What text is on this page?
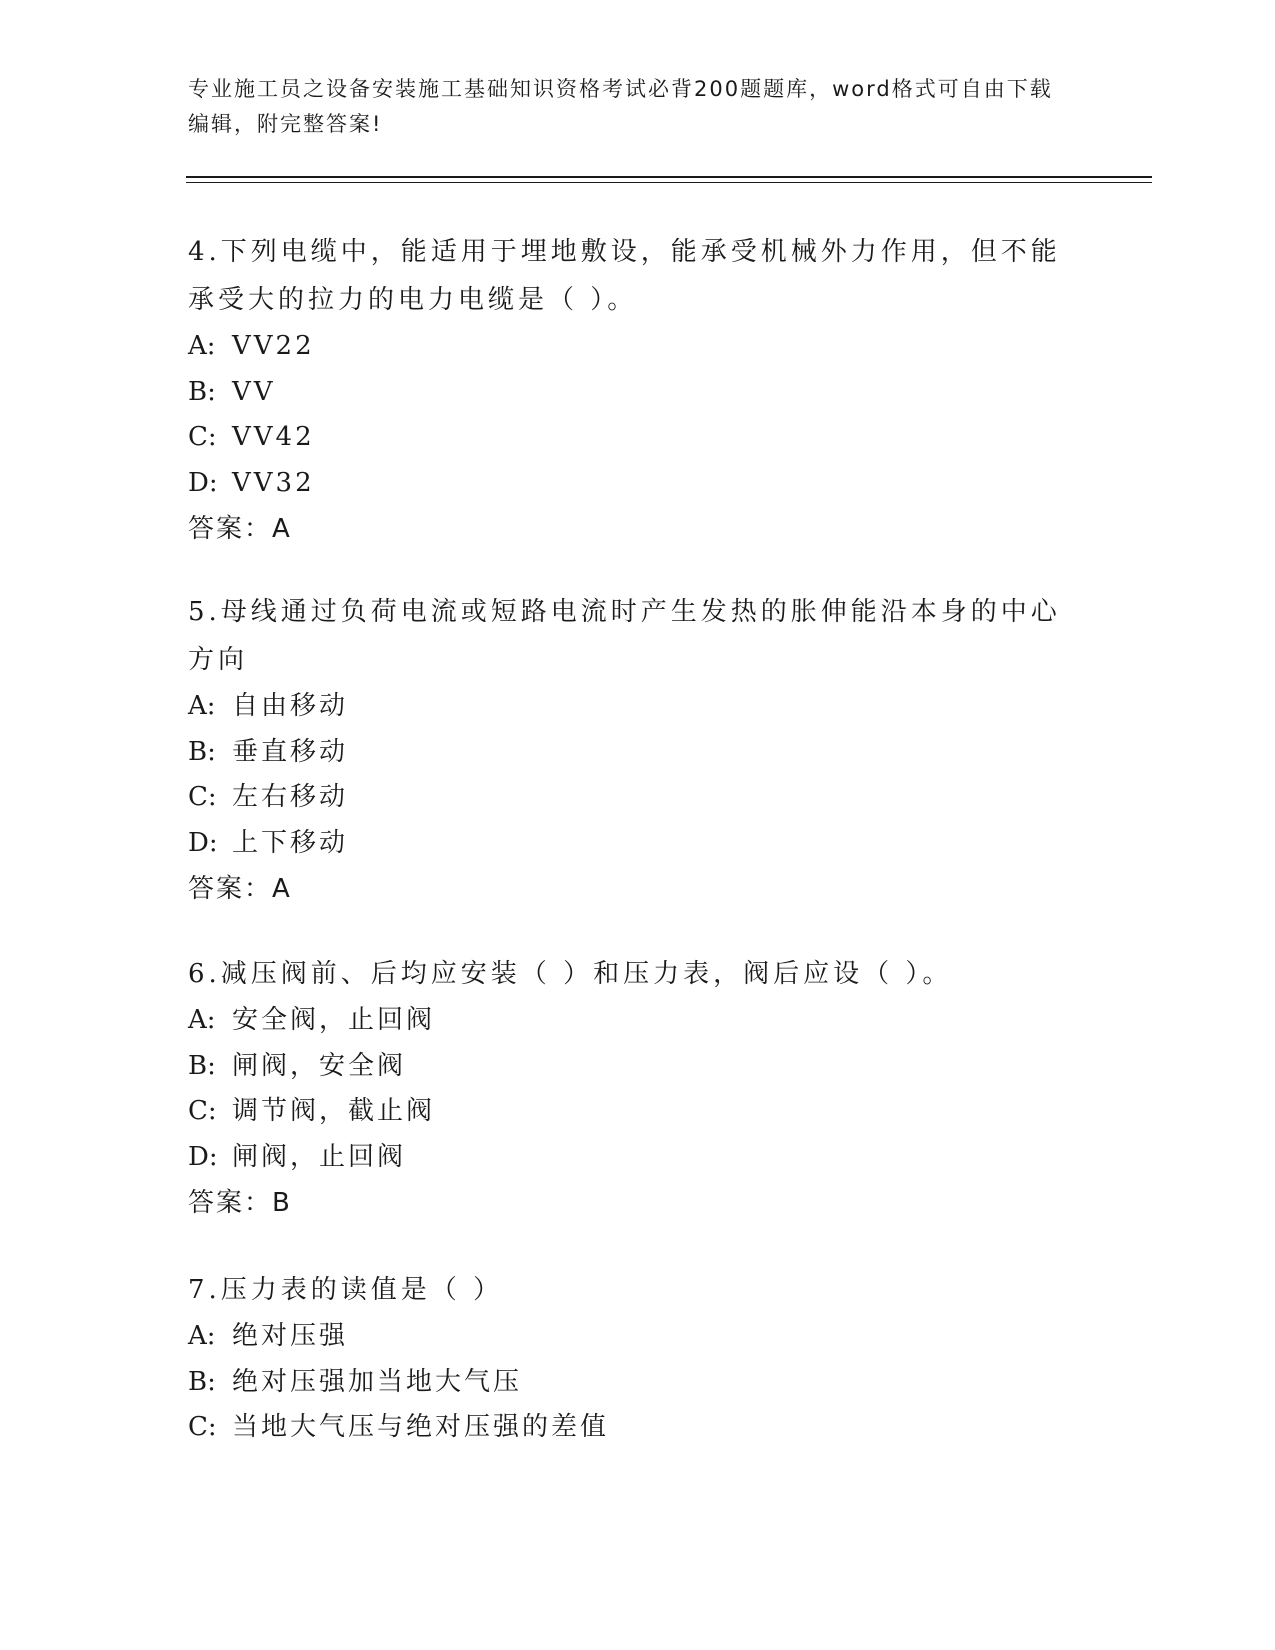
专业施工员之设备安装施工基础知识资格考试必背200题题库，word格式可自由下载编辑，附完整答案!

4.下列电缆中，能适用于埋地敷设，能承受机械外力作用，但不能承受大的拉力的电力电缆是（ ）。

A: VV22

B: VV

C: VV42

D: VV32

答案：A

5.母线通过负荷电流或短路电流时产生发热的胀伸能沿本身的中心方向

A: 自由移动

B: 垂直移动

C: 左右移动

D: 上下移动

答案：A

6.减压阀前、后均应安装（ ）和压力表，阀后应设（ ）。

A: 安全阀，止回阀

B: 闸阀，安全阀

C: 调节阀，截止阀

D: 闸阀，止回阀

答案：B

7.压力表的读值是（ ）

A: 绝对压强

B: 绝对压强加当地大气压

C: 当地大气压与绝对压强的差值
